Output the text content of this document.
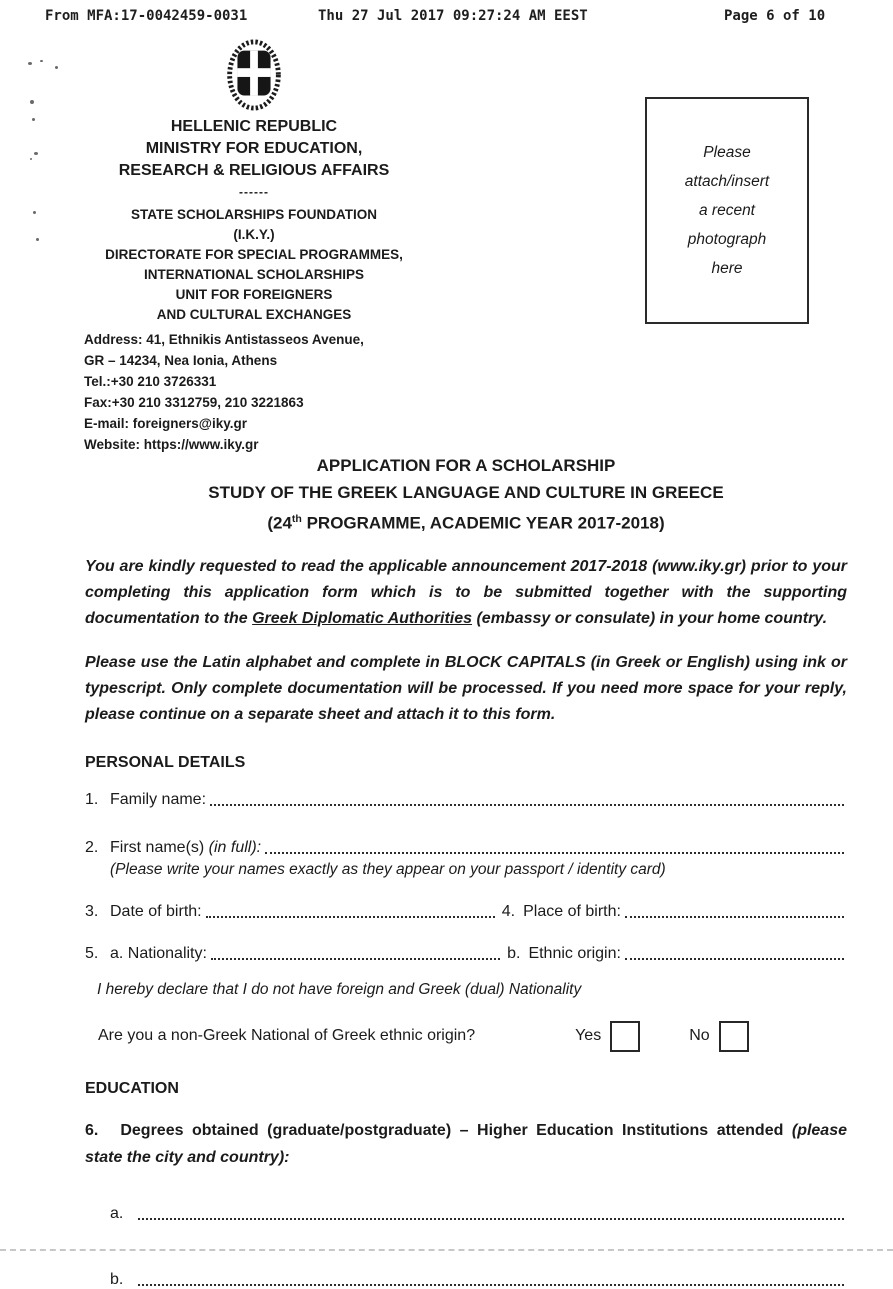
From MFA:17-0042459-0031	Thu 27 Jul 2017 09:27:24 AM EEST	Page 6 of 10
HELLENIC REPUBLIC
MINISTRY FOR EDUCATION,
RESEARCH & RELIGIOUS AFFAIRS
------
STATE SCHOLARSHIPS FOUNDATION
(I.K.Y.)
DIRECTORATE FOR SPECIAL PROGRAMMES,
INTERNATIONAL SCHOLARSHIPS
UNIT FOR FOREIGNERS
AND CULTURAL EXCHANGES
Address: 41, Ethnikis Antistasseos Avenue,
GR – 14234, Nea Ionia, Athens
Tel.:+30 210 3726331
Fax:+30 210 3312759, 210 3221863
E-mail: foreigners@iky.gr
Website: https://www.iky.gr
Please
attach/insert
a recent
photograph
here
APPLICATION FOR A SCHOLARSHIP
STUDY OF THE GREEK LANGUAGE AND CULTURE IN GREECE
(24th PROGRAMME, ACADEMIC YEAR 2017-2018)

You are kindly requested to read the applicable announcement 2017-2018 (www.iky.gr) prior to your completing this application form which is to be submitted together with the supporting documentation to the Greek Diplomatic Authorities (embassy or consulate) in your home country.

Please use the Latin alphabet and complete in BLOCK CAPITALS (in Greek or English) using ink or typescript. Only complete documentation will be processed. If you need more space for your reply, please continue on a separate sheet and attach it to this form.

PERSONAL DETAILS
1. Family name:
2. First name(s) (in full):
(Please write your names exactly as they appear on your passport / identity card)
3. Date of birth:	4. Place of birth:
5. a. Nationality:	b. Ethnic origin:
I hereby declare that I do not have foreign and Greek (dual) Nationality
Are you a non-Greek National of Greek ethnic origin?	Yes	No
EDUCATION

6. Degrees obtained (graduate/postgraduate) – Higher Education Institutions attended (please state the city and country):

a.
b.
